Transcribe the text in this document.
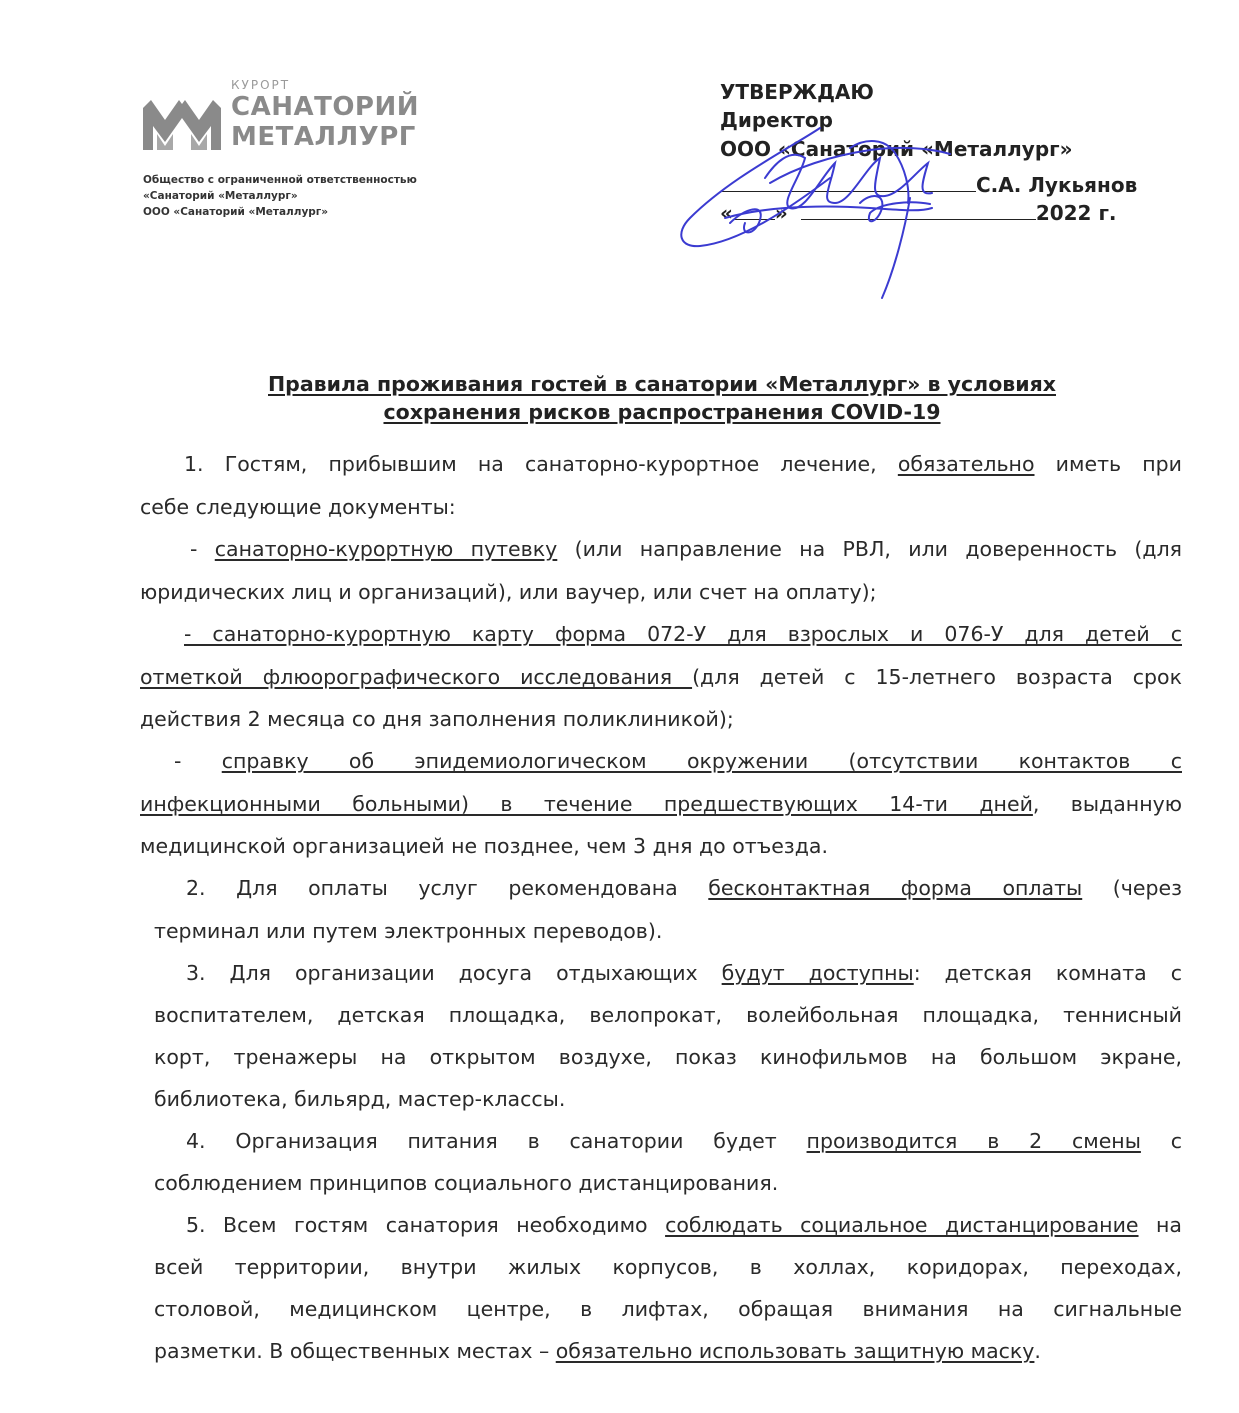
КУРОРТ
САНАТОРИЙ
МЕТАЛЛУРГ
Общество с ограниченной ответственностью
«Санаторий «Металлург»
ООО «Санаторий «Металлург»
УТВЕРЖДАЮ
Директор
ООО «Санаторий «Металлург»
С.А. Лукьянов
« »	2022 г.
Правила проживания гостей в санатории «Металлург» в условиях
сохранения рисков распространения COVID-19
1. Гостям, прибывшим на санаторно-курортное лечение, обязательно иметь при
себе следующие документы:
- санаторно-курортную путевку (или направление на РВЛ, или доверенность (для
юридических лиц и организаций), или ваучер, или счет на оплату);
- санаторно-курортную карту форма 072-У для взрослых и 076-У для детей с
отметкой флюорографического исследования (для детей с 15-летнего возраста срок
действия 2 месяца со дня заполнения поликлиникой);
- справку об эпидемиологическом окружении (отсутствии контактов с
инфекционными больными) в течение предшествующих 14-ти дней, выданную
медицинской организацией не позднее, чем 3 дня до отъезда.
2. Для оплаты услуг рекомендована бесконтактная форма оплаты (через
терминал или путем электронных переводов).
3. Для организации досуга отдыхающих будут доступны: детская комната с
воспитателем, детская площадка, велопрокат, волейбольная площадка, теннисный
корт, тренажеры на открытом воздухе, показ кинофильмов на большом экране,
библиотека, бильярд, мастер-классы.
4. Организация питания в санатории будет производится в 2 смены с
соблюдением принципов социального дистанцирования.
5. Всем гостям санатория необходимо соблюдать социальное дистанцирование на
всей территории, внутри жилых корпусов, в холлах, коридорах, переходах,
столовой, медицинском центре, в лифтах, обращая внимания на сигнальные
разметки. В общественных местах – обязательно использовать защитную маску.
